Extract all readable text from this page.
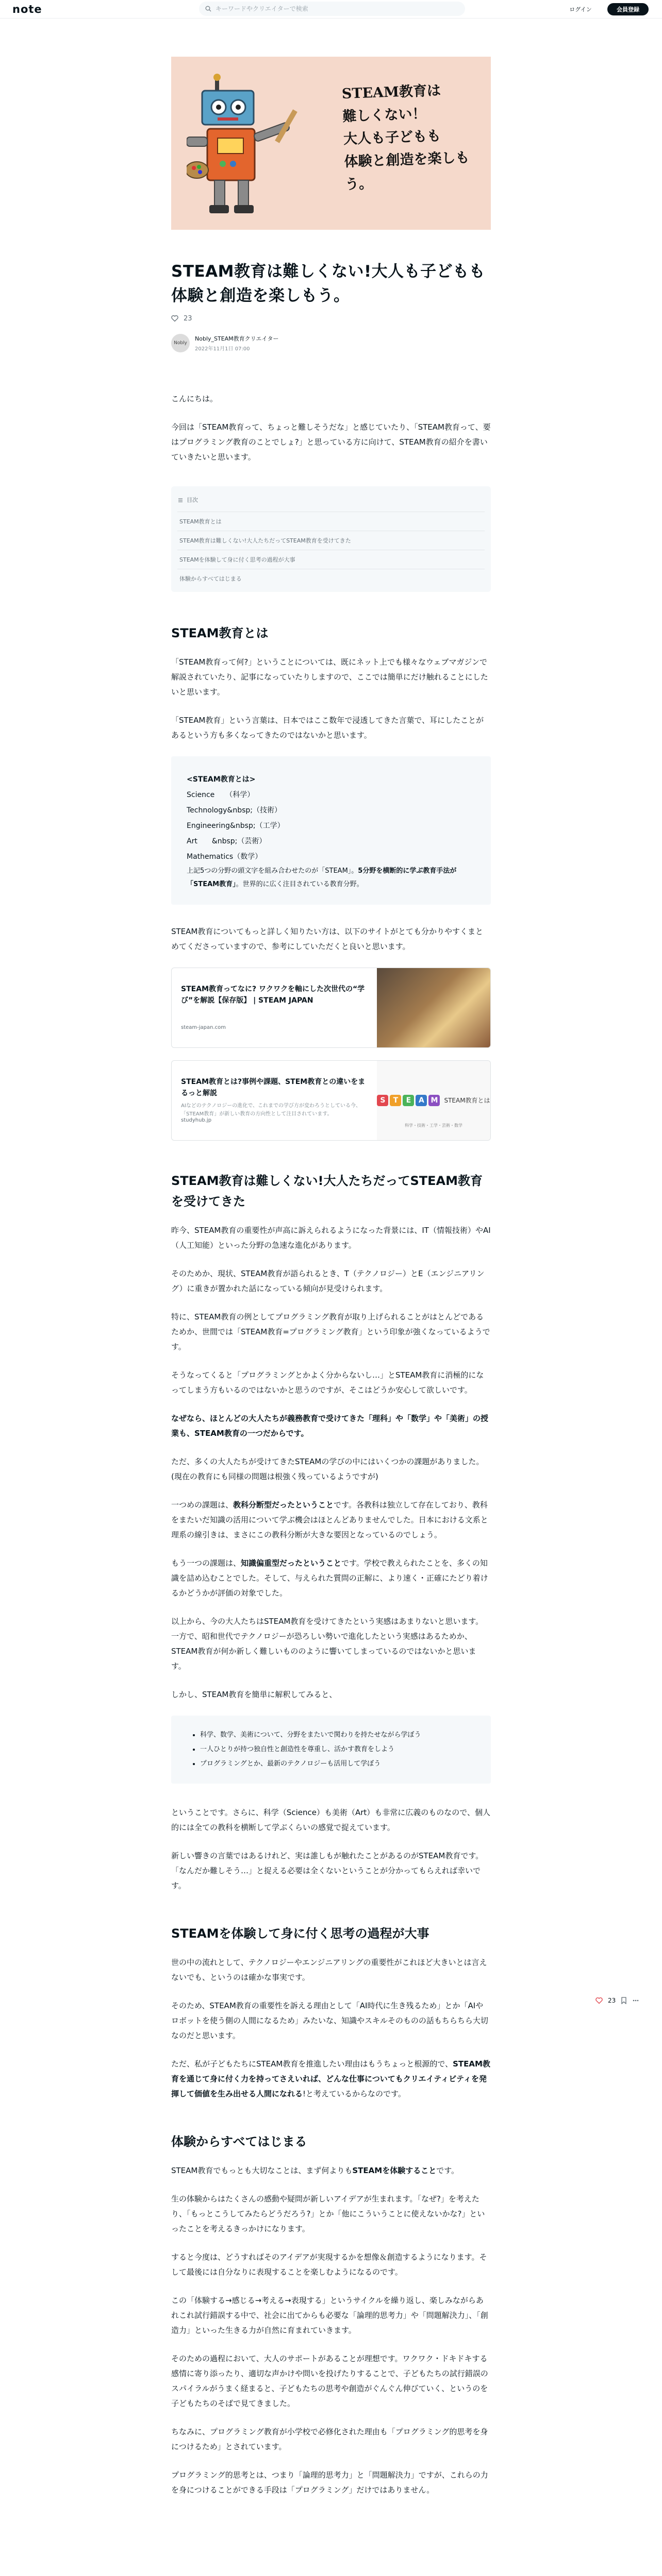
note
キーワードやクリエイターで検索	ログイン	会員登録
STEAM教育は
難しくない！
大人も子どもも
体験と創造を楽しもう。
STEAM教育は難しくない!大人も子どもも体験と創造を楽しもう。
23
Nobly
Nobly_STEAM教育クリエイター
2022年11月1日 07:00

こんにちは。

今回は「STEAM教育って、ちょっと難しそうだな」と感じていたり、「STEAM教育って、要はプログラミング教育のことでしょ?」と思っている方に向けて、STEAM教育の紹介を書いていきたいと思います。

目次
STEAM教育とは
STEAM教育は難しくない!大人たちだってSTEAM教育を受けてきた
STEAMを体験して身に付く思考の過程が大事
体験からすべてはじまる
STEAM教育とは

「STEAM教育って何?」ということについては、既にネット上でも様々なウェブマガジンで解説されていたり、記事になっていたりしますので、ここでは簡単にだけ触れることにしたいと思います。

「STEAM教育」という言葉は、日本ではここ数年で浸透してきた言葉で、耳にしたことがあるという方も多くなってきたのではないかと思います。

<STEAM教育とは>
Science　　（科学）
Technology&nbsp;（技術）
Engineering&nbsp;（工学）
Art　　&nbsp;（芸術）
Mathematics（数学）
上記5つの分野の頭文字を組み合わせたのが「STEAM」。5分野を横断的に学ぶ教育手法が「STEAM教育」。世界的に広く注目されている教育分野。

STEAM教育についてもっと詳しく知りたい方は、以下のサイトがとても分かりやすくまとめてくださっていますので、参考にしていただくと良いと思います。

STEAM教育ってなに? ワクワクを軸にした次世代の“学び”を解説【保存版】 | STEAM JAPAN
steam-japan.com
STEAM教育とは?事例や課題、STEM教育との違いをまるっと解説
AIなどのテクノロジーの進化で、これまでの学び方が変わろうとしている今、「STEAM教育」が新しい教育の方向性として注目されています。
studyhub.jp
S	T	E	A M	STEAM教育とは
科学・技術・工学・芸術・数学
STEAM教育は難しくない!大人たちだってSTEAM教育を受けてきた

昨今、STEAM教育の重要性が声高に訴えられるようになった背景には、IT（情報技術）やAI（人工知能）といった分野の急速な進化があります。

そのためか、現状、STEAM教育が語られるとき、T（テクノロジー）とE（エンジニアリング）に重きが置かれた話になっている傾向が見受けられます。

特に、STEAM教育の例としてプログラミング教育が取り上げられることがはとんどであるためか、世間では「STEAM教育=プログラミング教育」という印象が強くなっているようです。

そうなってくると「プログラミングとかよく分からないし…」とSTEAM教育に消極的になってしまう方もいるのではないかと思うのですが、そこはどうか安心して欲しいです。

なぜなら、ほとんどの大人たちが義務教育で受けてきた「理科」や「数学」や「美術」の授業も、STEAM教育の一つだからです。

ただ、多くの大人たちが受けてきたSTEAMの学びの中にはいくつかの課題がありました。(現在の教育にも同様の問題は根強く残っているようですが)

一つめの課題は、教科分断型だったということです。各教科は独立して存在しており、教科をまたいだ知識の活用について学ぶ機会はほとんどありませんでした。日本における文系と理系の線引きは、まさにこの教科分断が大きな要因となっているのでしょう。

もう一つの課題は、知識偏重型だったということです。学校で教えられたことを、多くの知識を詰め込むことでした。そして、与えられた質問の正解に、より速く・正確にたどり着けるかどうかが評価の対象でした。

以上から、今の大人たちはSTEAM教育を受けてきたという実感はあまりないと思います。一方で、昭和世代でテクノロジーが恐ろしい勢いで進化したという実感はあるためか、STEAM教育が何か新しく難しいもののように響いてしまっているのではないかと思います。

しかし、STEAM教育を簡単に解釈してみると、

• 科学、数学、美術について、分野をまたいで関わりを持たせながら学ぼう
• 一人ひとりが持つ独自性と創造性を尊重し、活かす教育をしよう
• プログラミングとか、最新のテクノロジーも活用して学ぼう

ということです。さらに、科学（Science）も美術（Art）も非常に広義のものなので、個人的には全ての教科を横断して学ぶくらいの感覚で捉えています。

新しい響きの言葉ではあるけれど、実は誰しもが触れたことがあるのがSTEAM教育です。「なんだか難しそう…」と捉える必要は全くないということが分かってもらえれば幸いです。

STEAMを体験して身に付く思考の過程が大事

世の中の流れとして、テクノロジーやエンジニアリングの重要性がこれほど大きいとは言えないでも、というのは確かな事実です。

そのため、STEAM教育の重要性を訴える理由として「AI時代に生き残るため」とか「AIやロボットを使う側の人間になるため」みたいな、知識やスキルそのものの話もちらちら大切なのだと思います。

ただ、私が子どもたちにSTEAM教育を推進したい理由はもうちょっと根源的で、STEAM教育を通じて身に付く力を持ってさえいれば、どんな仕事についてもクリエイティビティを発揮して価値を生み出せる人間になれる!と考えているからなのです。

体験からすべてはじまる

STEAM教育でもっとも大切なことは、まず何よりもSTEAMを体験することです。

生の体験からはたくさんの感動や疑問が新しいアイデアが生まれます。「なぜ?」を考えたり、「もっとこうしてみたらどうだろう?」とか「他にこういうことに使えないかな?」といったことを考えるきっかけになります。

すると今度は、どうすればそのアイデアが実現するかを想像＆創造するようになります。そして最後には自分なりに表現することを楽しむようになるのです。

この「体験する→感じる→考える→表現する」というサイクルを繰り返し、楽しみながらあれこれ試行錯誤する中で、社会に出てからも必要な「論理的思考力」や「問題解決力」、「創造力」といった生きる力が自然に育まれていきます。

そのための過程において、大人のサポートがあることが理想です。ワクワク・ドキドキする感情に寄り添ったり、適切な声かけや問いを投げたりすることで、子どもたちの試行錯誤のスパイラルがうまく経まると、子どもたちの思考や創造がぐんぐん伸びていく、というのを子どもたちのそばで見てきました。

ちなみに、プログラミング教育が小学校で必修化された理由も「プログラミング的思考を身につけるため」とされています。

プログラミング的思考とは、つまり「論理的思考力」と「問題解決力」ですが、これらの力を身につけることができる手段は「プログラミング」だけではありません。

23
